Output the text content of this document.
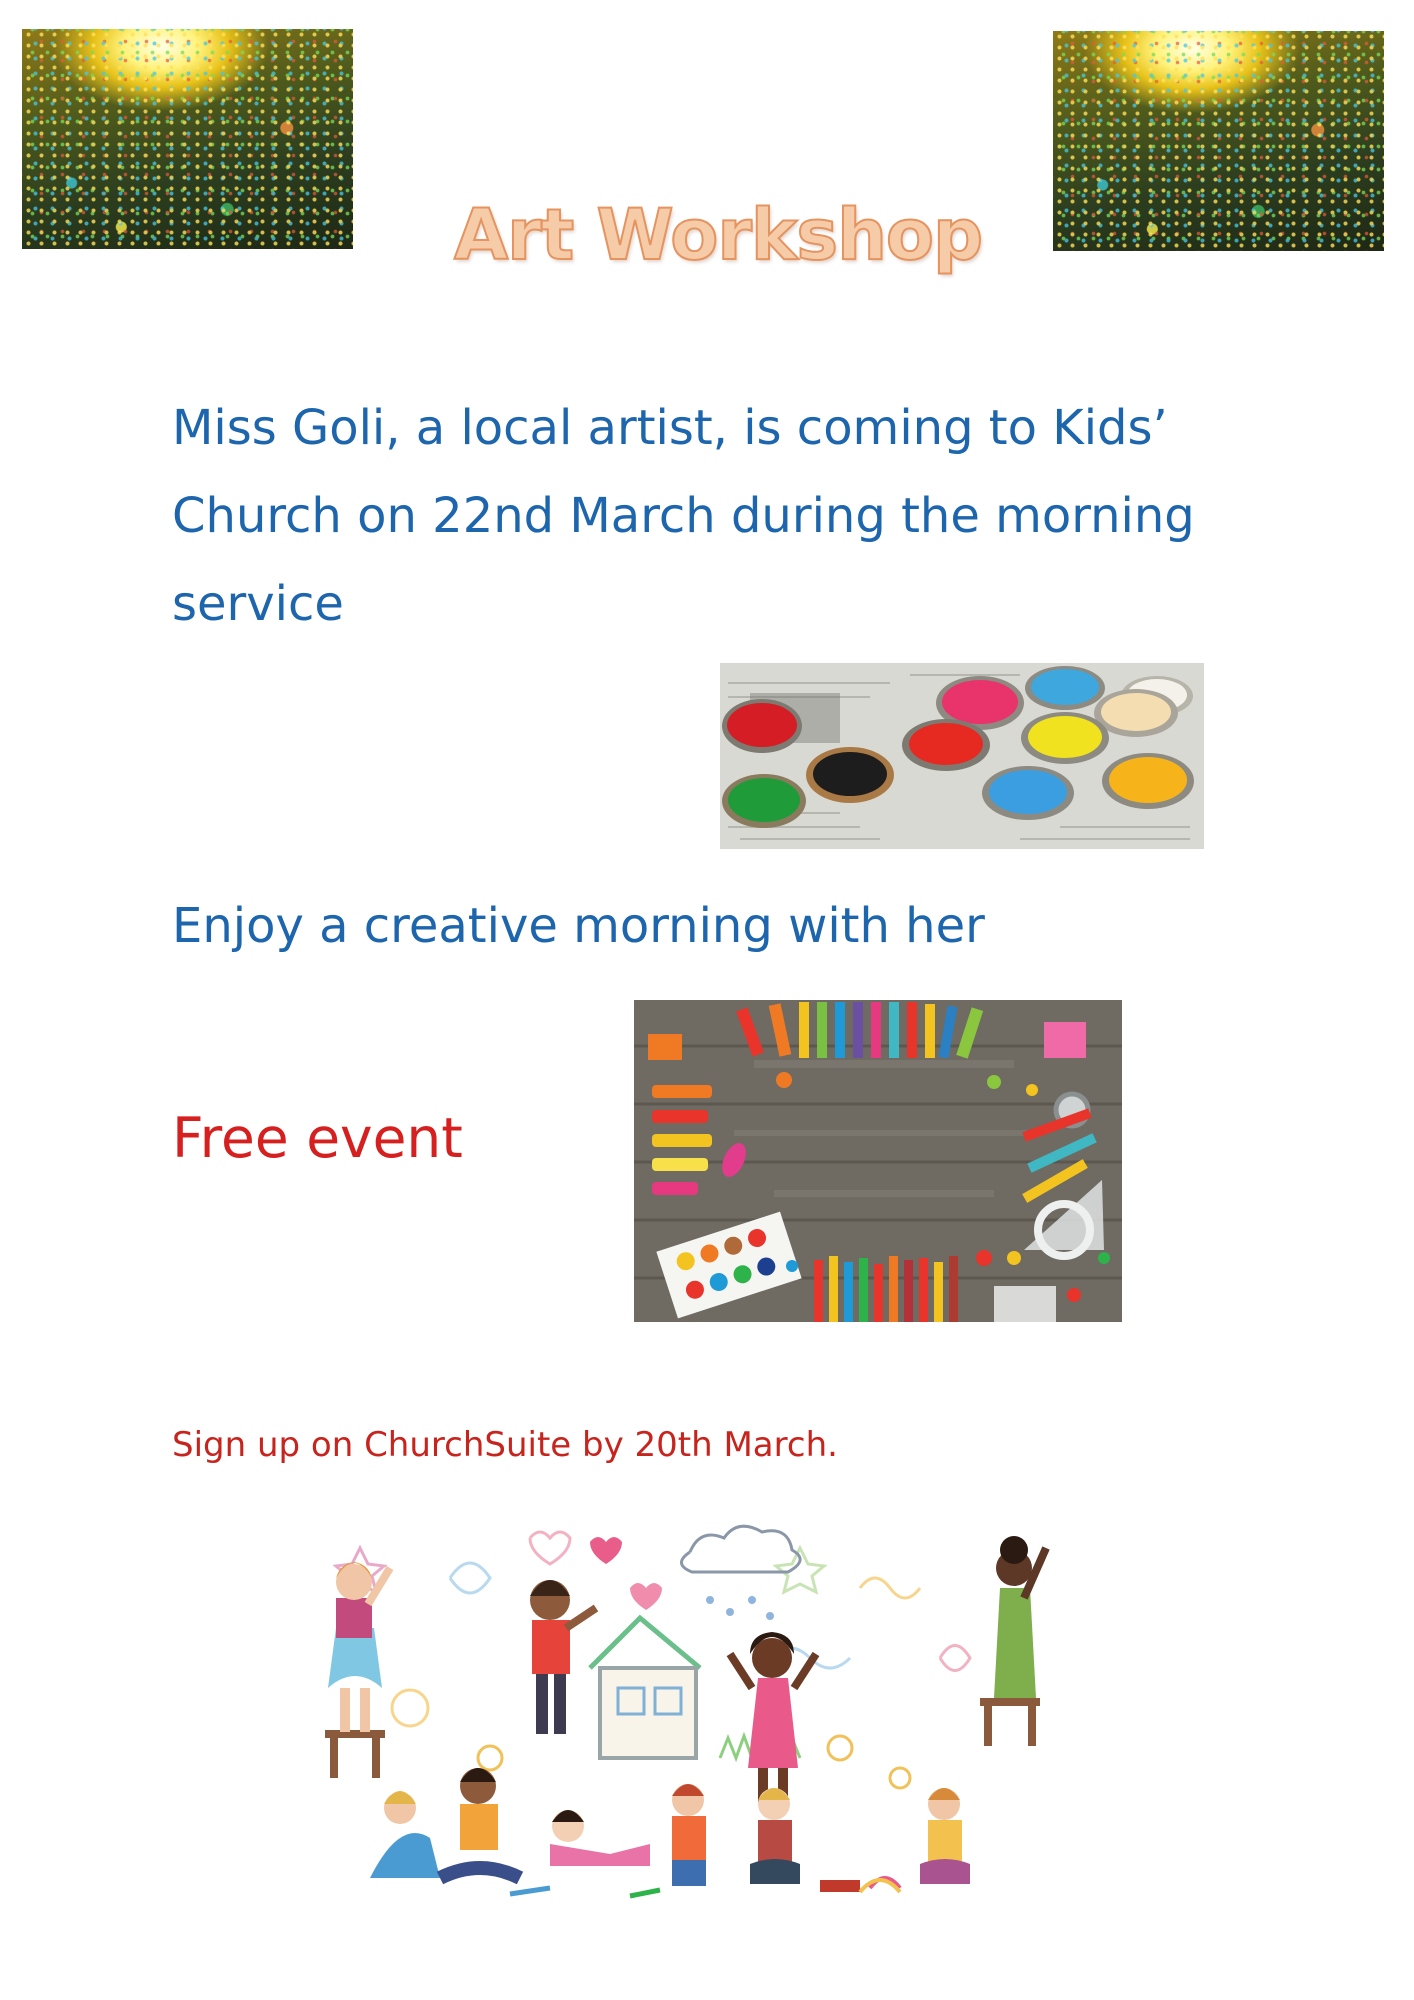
Art Workshop
Miss Goli, a local artist, is coming to Kids’ Church on 22nd March during the morning service
Enjoy a creative morning with her
Free event
Sign up on ChurchSuite by 20th March.
